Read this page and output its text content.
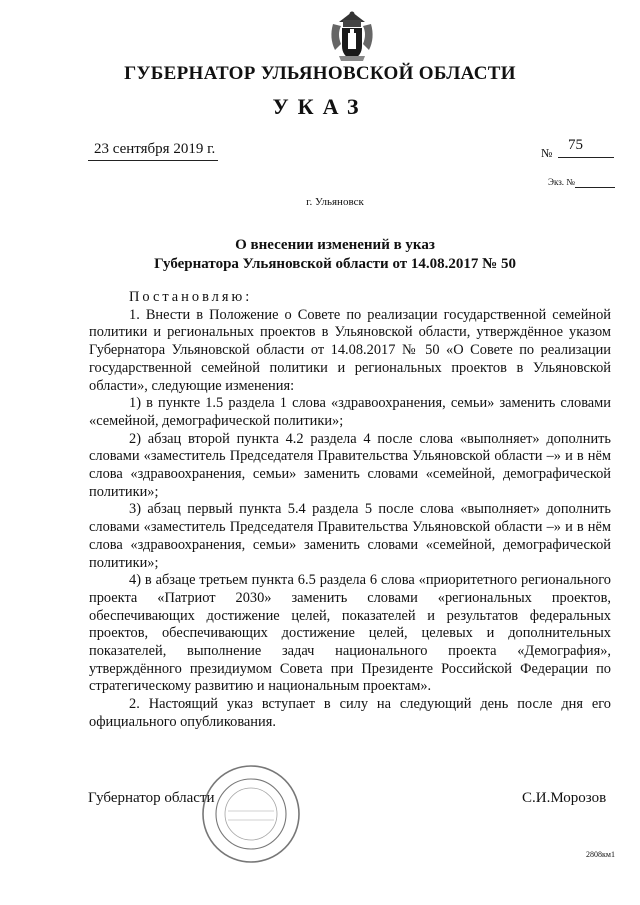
ГУБЕРНАТОР УЛЬЯНОВСКОЙ ОБЛАСТИ
УКАЗ
23 сентября 2019 г.	№ 75
Экз. №
г. Ульяновск
О внесении изменений в указ
Губернатора Ульяновской области от 14.08.2017 № 50

Постановляю:

1. Внести в Положение о Совете по реализации государственной семейной политики и региональных проектов в Ульяновской области, утверждённое указом Губернатора Ульяновской области от 14.08.2017 № 50 «О Совете по реализации государственной семейной политики и региональных проектов в Ульяновской области», следующие изменения:

1) в пункте 1.5 раздела 1 слова «здравоохранения, семьи» заменить словами «семейной, демографической политики»;

2) абзац второй пункта 4.2 раздела 4 после слова «выполняет» дополнить словами «заместитель Председателя Правительства Ульяновской области –» и в нём слова «здравоохранения, семьи» заменить словами «семейной, демографической политики»;

3) абзац первый пункта 5.4 раздела 5 после слова «выполняет» дополнить словами «заместитель Председателя Правительства Ульяновской области –» и в нём слова «здравоохранения, семьи» заменить словами «семейной, демографической политики»;

4) в абзаце третьем пункта 6.5 раздела 6 слова «приоритетного регионального проекта «Патриот 2030» заменить словами «региональных проектов, обеспечивающих достижение целей, показателей и результатов федеральных проектов, обеспечивающих достижение целей, целевых и дополнительных показателей, выполнение задач национального проекта «Демография», утверждённого президиумом Совета при Президенте Российской Федерации по стратегическому развитию и национальным проектам».

2. Настоящий указ вступает в силу на следующий день после дня его официального опубликования.

Губернатор области	С.И.Морозов
2808км1
